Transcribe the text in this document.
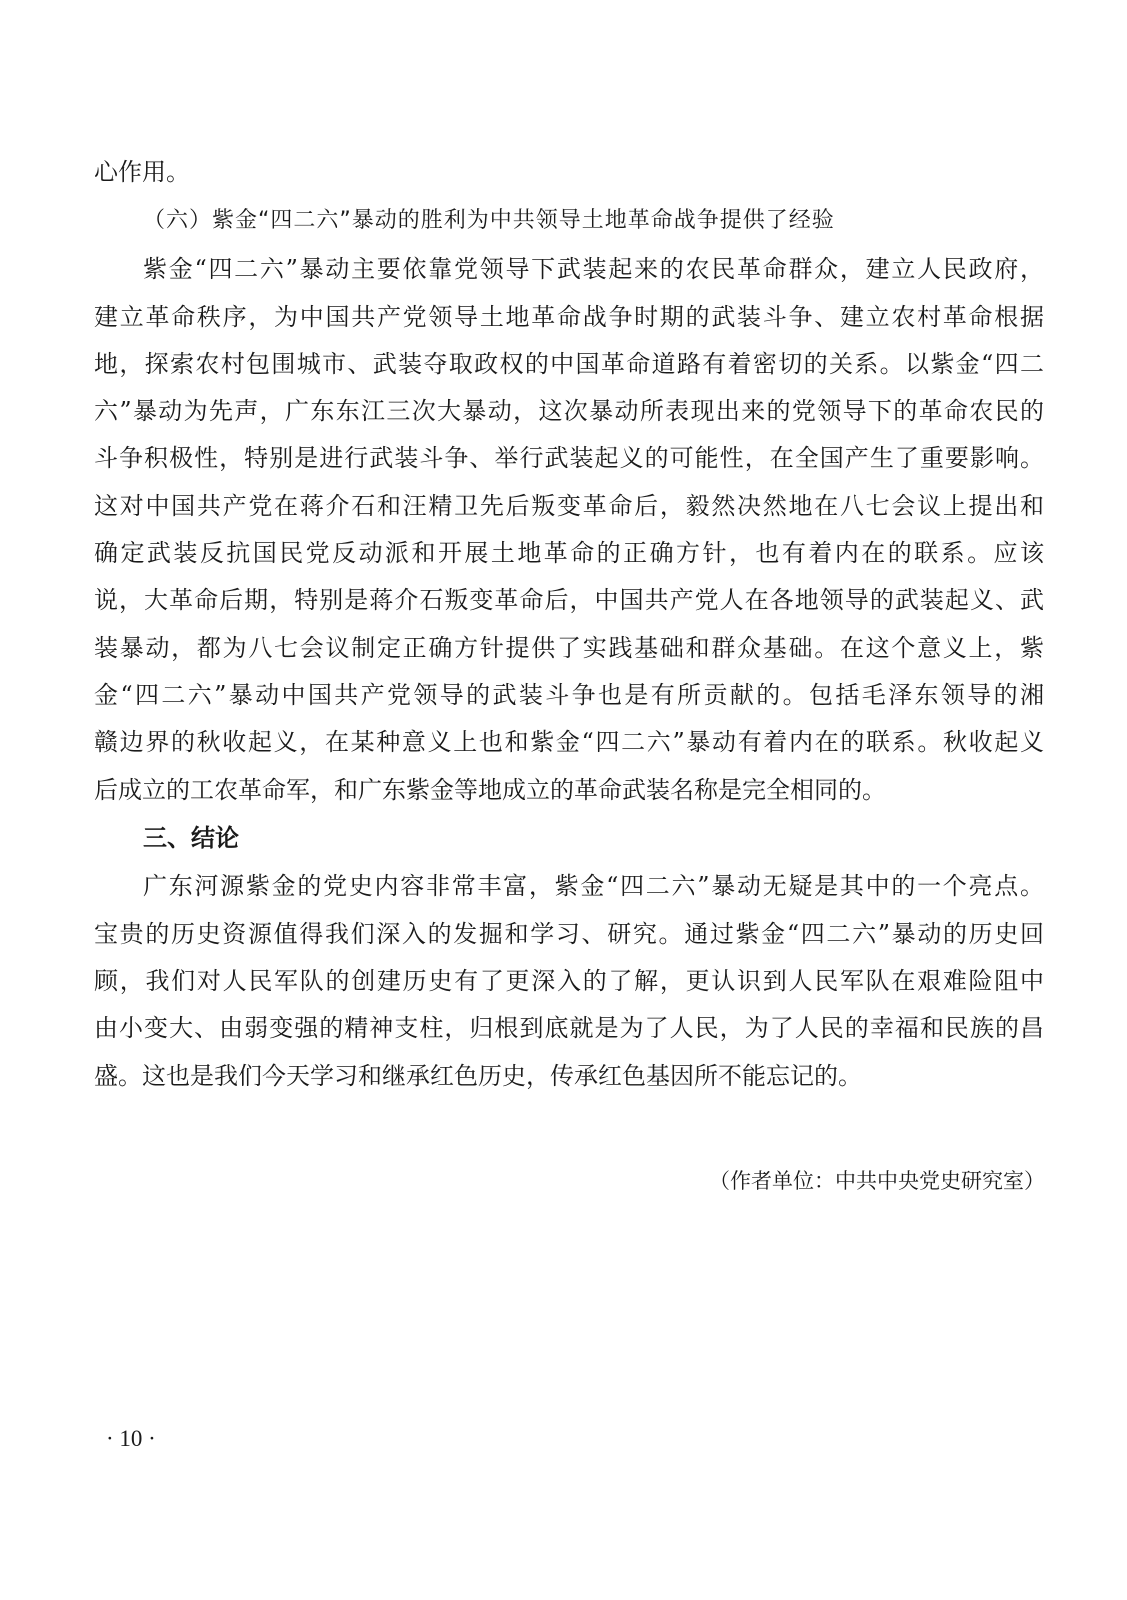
心作用。
（六）紫金“四二六”暴动的胜利为中共领导土地革命战争提供了经验
紫金“四二六”暴动主要依靠党领导下武装起来的农民革命群众，建立人民政府，
建立革命秩序，为中国共产党领导土地革命战争时期的武装斗争、建立农村革命根据
地，探索农村包围城市、武装夺取政权的中国革命道路有着密切的关系。以紫金“四二
六”暴动为先声，广东东江三次大暴动，这次暴动所表现出来的党领导下的革命农民的
斗争积极性，特别是进行武装斗争、举行武装起义的可能性，在全国产生了重要影响。
这对中国共产党在蒋介石和汪精卫先后叛变革命后，毅然决然地在八七会议上提出和
确定武装反抗国民党反动派和开展土地革命的正确方针，也有着内在的联系。应该
说，大革命后期，特别是蒋介石叛变革命后，中国共产党人在各地领导的武装起义、武
装暴动，都为八七会议制定正确方针提供了实践基础和群众基础。在这个意义上，紫
金“四二六”暴动中国共产党领导的武装斗争也是有所贡献的。包括毛泽东领导的湘
赣边界的秋收起义，在某种意义上也和紫金“四二六”暴动有着内在的联系。秋收起义
后成立的工农革命军，和广东紫金等地成立的革命武装名称是完全相同的。
三、结论
广东河源紫金的党史内容非常丰富，紫金“四二六”暴动无疑是其中的一个亮点。
宝贵的历史资源值得我们深入的发掘和学习、研究。通过紫金“四二六”暴动的历史回
顾，我们对人民军队的创建历史有了更深入的了解，更认识到人民军队在艰难险阻中
由小变大、由弱变强的精神支柱，归根到底就是为了人民，为了人民的幸福和民族的昌
盛。这也是我们今天学习和继承红色历史，传承红色基因所不能忘记的。
（作者单位：中共中央党史研究室）
· 10 ·
